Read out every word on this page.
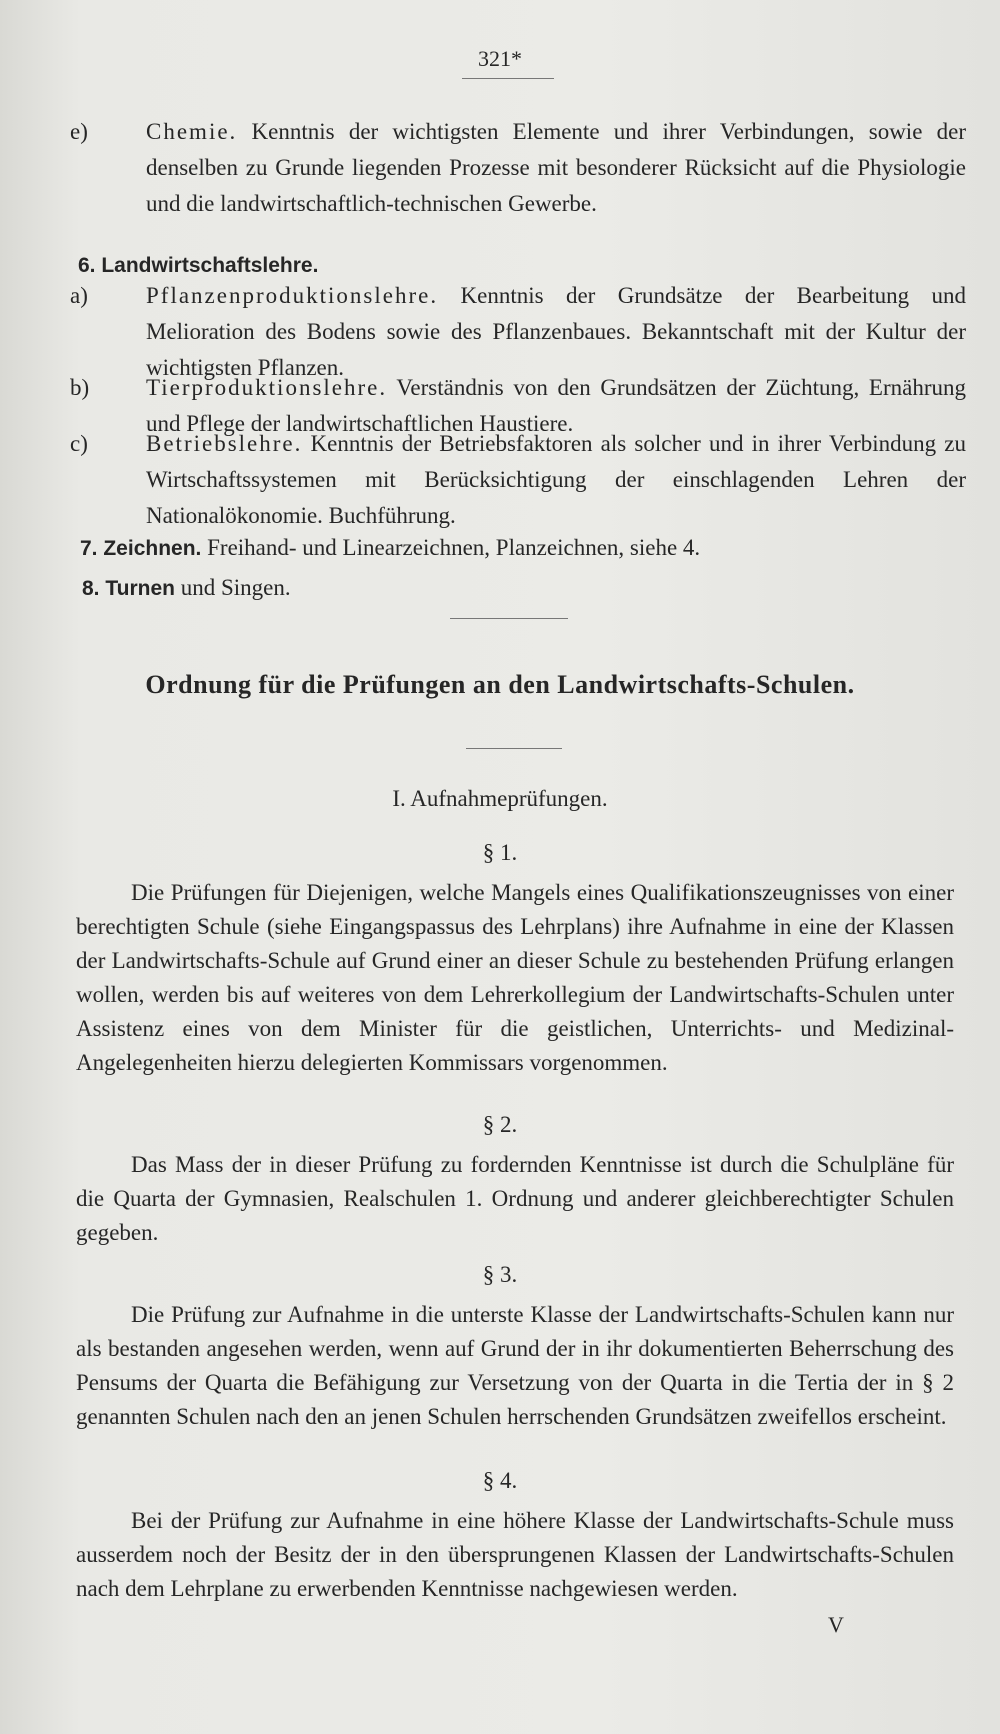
321*
e)	Chemie. Kenntnis der wichtigsten Elemente und ihrer Verbindungen, sowie der denselben zu Grunde liegenden Prozesse mit besonderer Rücksicht auf die Physiologie und die landwirtschaftlich-technischen Gewerbe.
6. Landwirtschaftslehre.
a)	Pflanzenproduktionslehre. Kenntnis der Grundsätze der Bearbeitung und Melioration des Bodens sowie des Pflanzenbaues. Bekanntschaft mit der Kultur der wichtigsten Pflanzen.
b) Tierproduktionslehre. Verständnis von den Grundsätzen der Züchtung, Ernährung und Pflege der landwirtschaftlichen Haustiere.
c)	Betriebslehre. Kenntnis der Betriebsfaktoren als solcher und in ihrer Verbindung zu Wirtschaftssystemen mit Berücksichtigung der einschlagenden Lehren der Nationalökonomie. Buchführung.
7. Zeichnen. Freihand- und Linearzeichnen, Planzeichnen, siehe 4.
8. Turnen und Singen.
Ordnung für die Prüfungen an den Landwirtschafts-Schulen.
I. Aufnahmeprüfungen.
§ 1.
Die Prüfungen für Diejenigen, welche Mangels eines Qualifikationszeugnisses von einer berechtigten Schule (siehe Eingangspassus des Lehrplans) ihre Aufnahme in eine der Klassen der Landwirtschafts-Schule auf Grund einer an dieser Schule zu bestehenden Prüfung erlangen wollen, werden bis auf weiteres von dem Lehrerkollegium der Landwirtschafts-Schulen unter Assistenz eines von dem Minister für die geistlichen, Unterrichts- und Medizinal-Angelegenheiten hierzu delegierten Kommissars vorgenommen.
§ 2.
Das Mass der in dieser Prüfung zu fordernden Kenntnisse ist durch die Schulpläne für die Quarta der Gymnasien, Realschulen 1. Ordnung und anderer gleichberechtigter Schulen gegeben.
§ 3.
Die Prüfung zur Aufnahme in die unterste Klasse der Landwirtschafts-Schulen kann nur als bestanden angesehen werden, wenn auf Grund der in ihr dokumentierten Beherrschung des Pensums der Quarta die Befähigung zur Versetzung von der Quarta in die Tertia der in § 2 genannten Schulen nach den an jenen Schulen herrschenden Grundsätzen zweifellos erscheint.
§ 4.
Bei der Prüfung zur Aufnahme in eine höhere Klasse der Landwirtschafts-Schule muss ausserdem noch der Besitz der in den übersprungenen Klassen der Landwirtschafts-Schulen nach dem Lehrplane zu erwerbenden Kenntnisse nachgewiesen werden.
V
